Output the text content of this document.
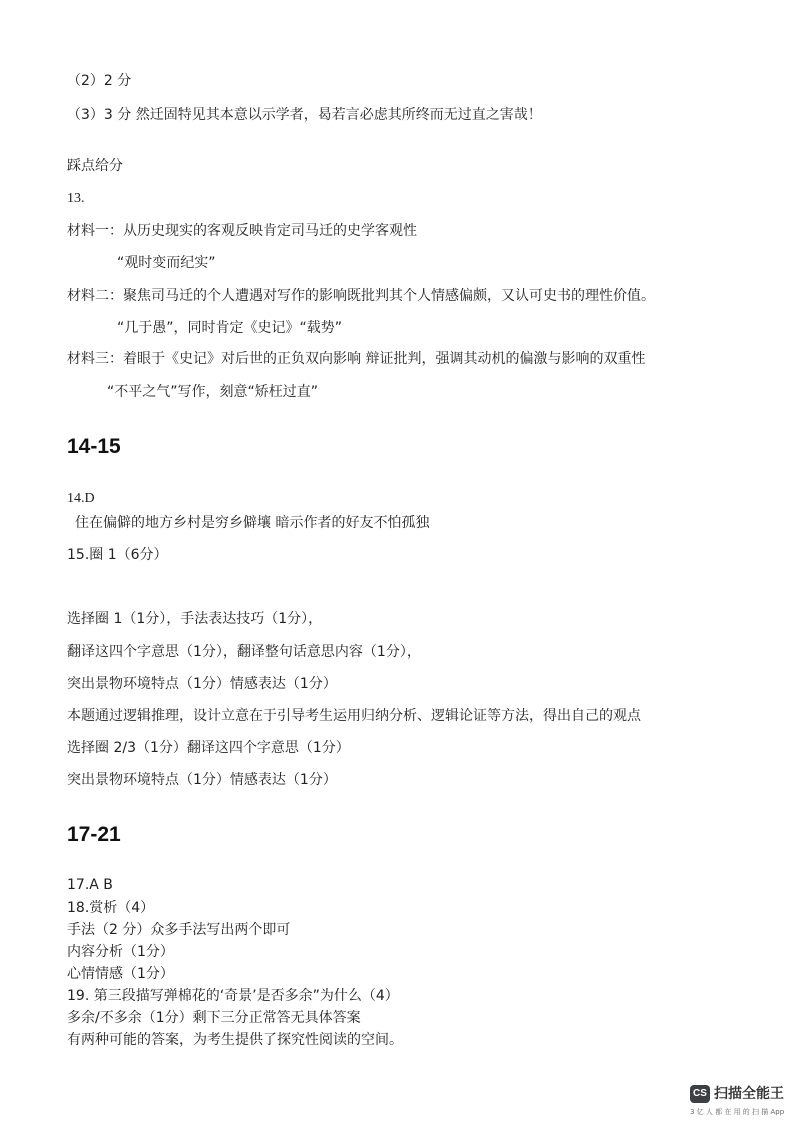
（2）2 分
（3）3 分 然迁固特见其本意以示学者，曷若言必虑其所终而无过直之害哉！
踩点给分
13.
材料一：从历史现实的客观反映肯定司马迁的史学客观性
“观时变而纪实”
材料二：聚焦司马迁的个人遭遇对写作的影响既批判其个人情感偏颇，又认可史书的理性价值。
“几于愚”，同时肯定《史记》“载势”
材料三：着眼于《史记》对后世的正负双向影响 辩证批判，强调其动机的偏激与影响的双重性
“不平之气”写作，刻意“矫枉过直”
14-15
14.D
住在偏僻的地方乡村是穷乡僻壤 暗示作者的好友不怕孤独
15.圈 1（6分）
选择圈 1（1分），手法表达技巧（1分），
翻译这四个字意思（1分），翻译整句话意思内容（1分），
突出景物环境特点（1分）情感表达（1分）
本题通过逻辑推理，设计立意在于引导考生运用归纳分析、逻辑论证等方法，得出自己的观点
选择圈 2/3（1分）翻译这四个字意思（1分）
突出景物环境特点（1分）情感表达（1分）
17-21
17.A B
18.赏析（4）
手法（2 分）众多手法写出两个即可
内容分析（1分）
心情情感（1分）
19. 第三段描写弹棉花的‘奇景’是否多余”为什么（4）
多余/不多余（1分）剩下三分正常答无具体答案
有两种可能的答案，为考生提供了探究性阅读的空间。
CS 扫描全能王
3 亿 人 都 在 用 的 扫 描 App
